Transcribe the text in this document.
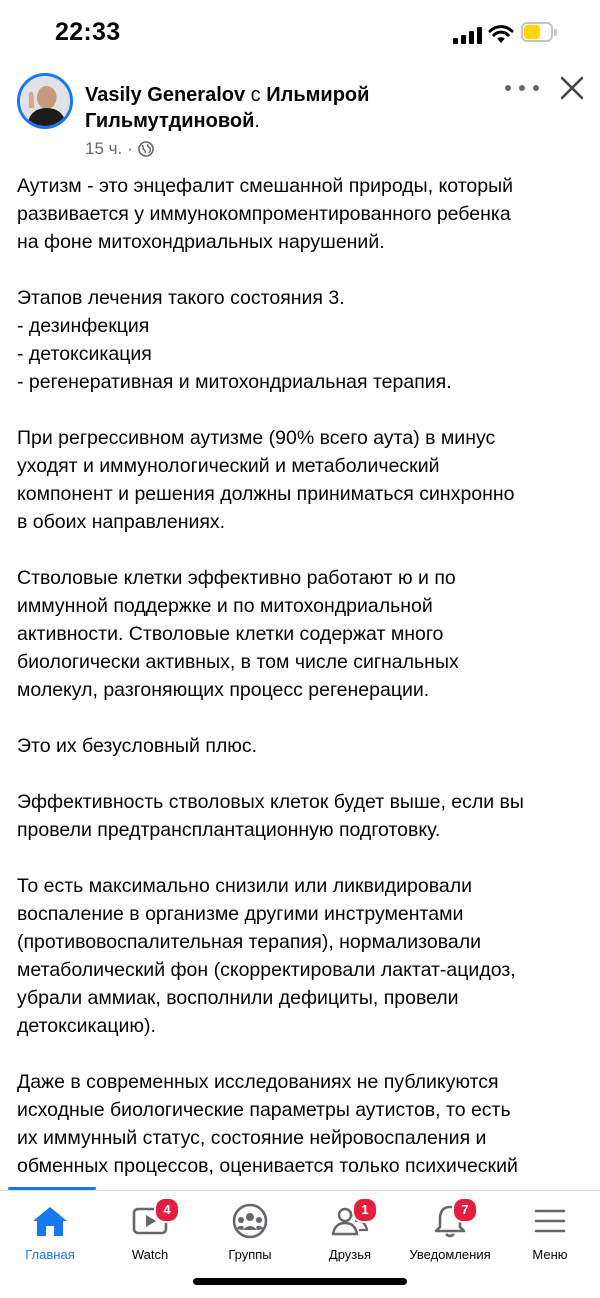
22:33
Vasily Generalov с Ильмирой Гильмутдиновой.
15 ч. ·

Аутизм - это энцефалит смешанной природы, который
развивается у иммунокомпроментированного ребенка
на фоне митохондриальных нарушений.

Этапов лечения такого состояния 3.
- дезинфекция
- детоксикация
- регенеративная и митохондриальная терапия.

При регрессивном аутизме (90% всего аута) в минус
уходят и иммунологический и метаболический
компонент и решения должны приниматься синхронно
в обоих направлениях.

Стволовые клетки эффективно работают ю и по
иммунной поддержке и по митохондриальной
активности. Стволовые клетки содержат много
биологически активных, в том числе сигнальных
молекул, разгоняющих процесс регенерации.

Это их безусловный плюс.

Эффективность стволовых клеток будет выше, если вы
провели предтрансплантационную подготовку.

То есть максимально снизили или ликвидировали
воспаление в организме другими инструментами
(противовоспалительная терапия), нормализовали
метаболический фон (скорректировали лактат-ацидоз,
убрали аммиак, восполнили дефициты, провели
детоксикацию).

Даже в современных исследованиях не публикуются
исходные биологические параметры аутистов, то есть
их иммунный статус, состояние нейровоспаления и
обменных процессов, оценивается только психический

Главная
4
Watch	Группы
1
Друзья
7
Уведомления	Меню
